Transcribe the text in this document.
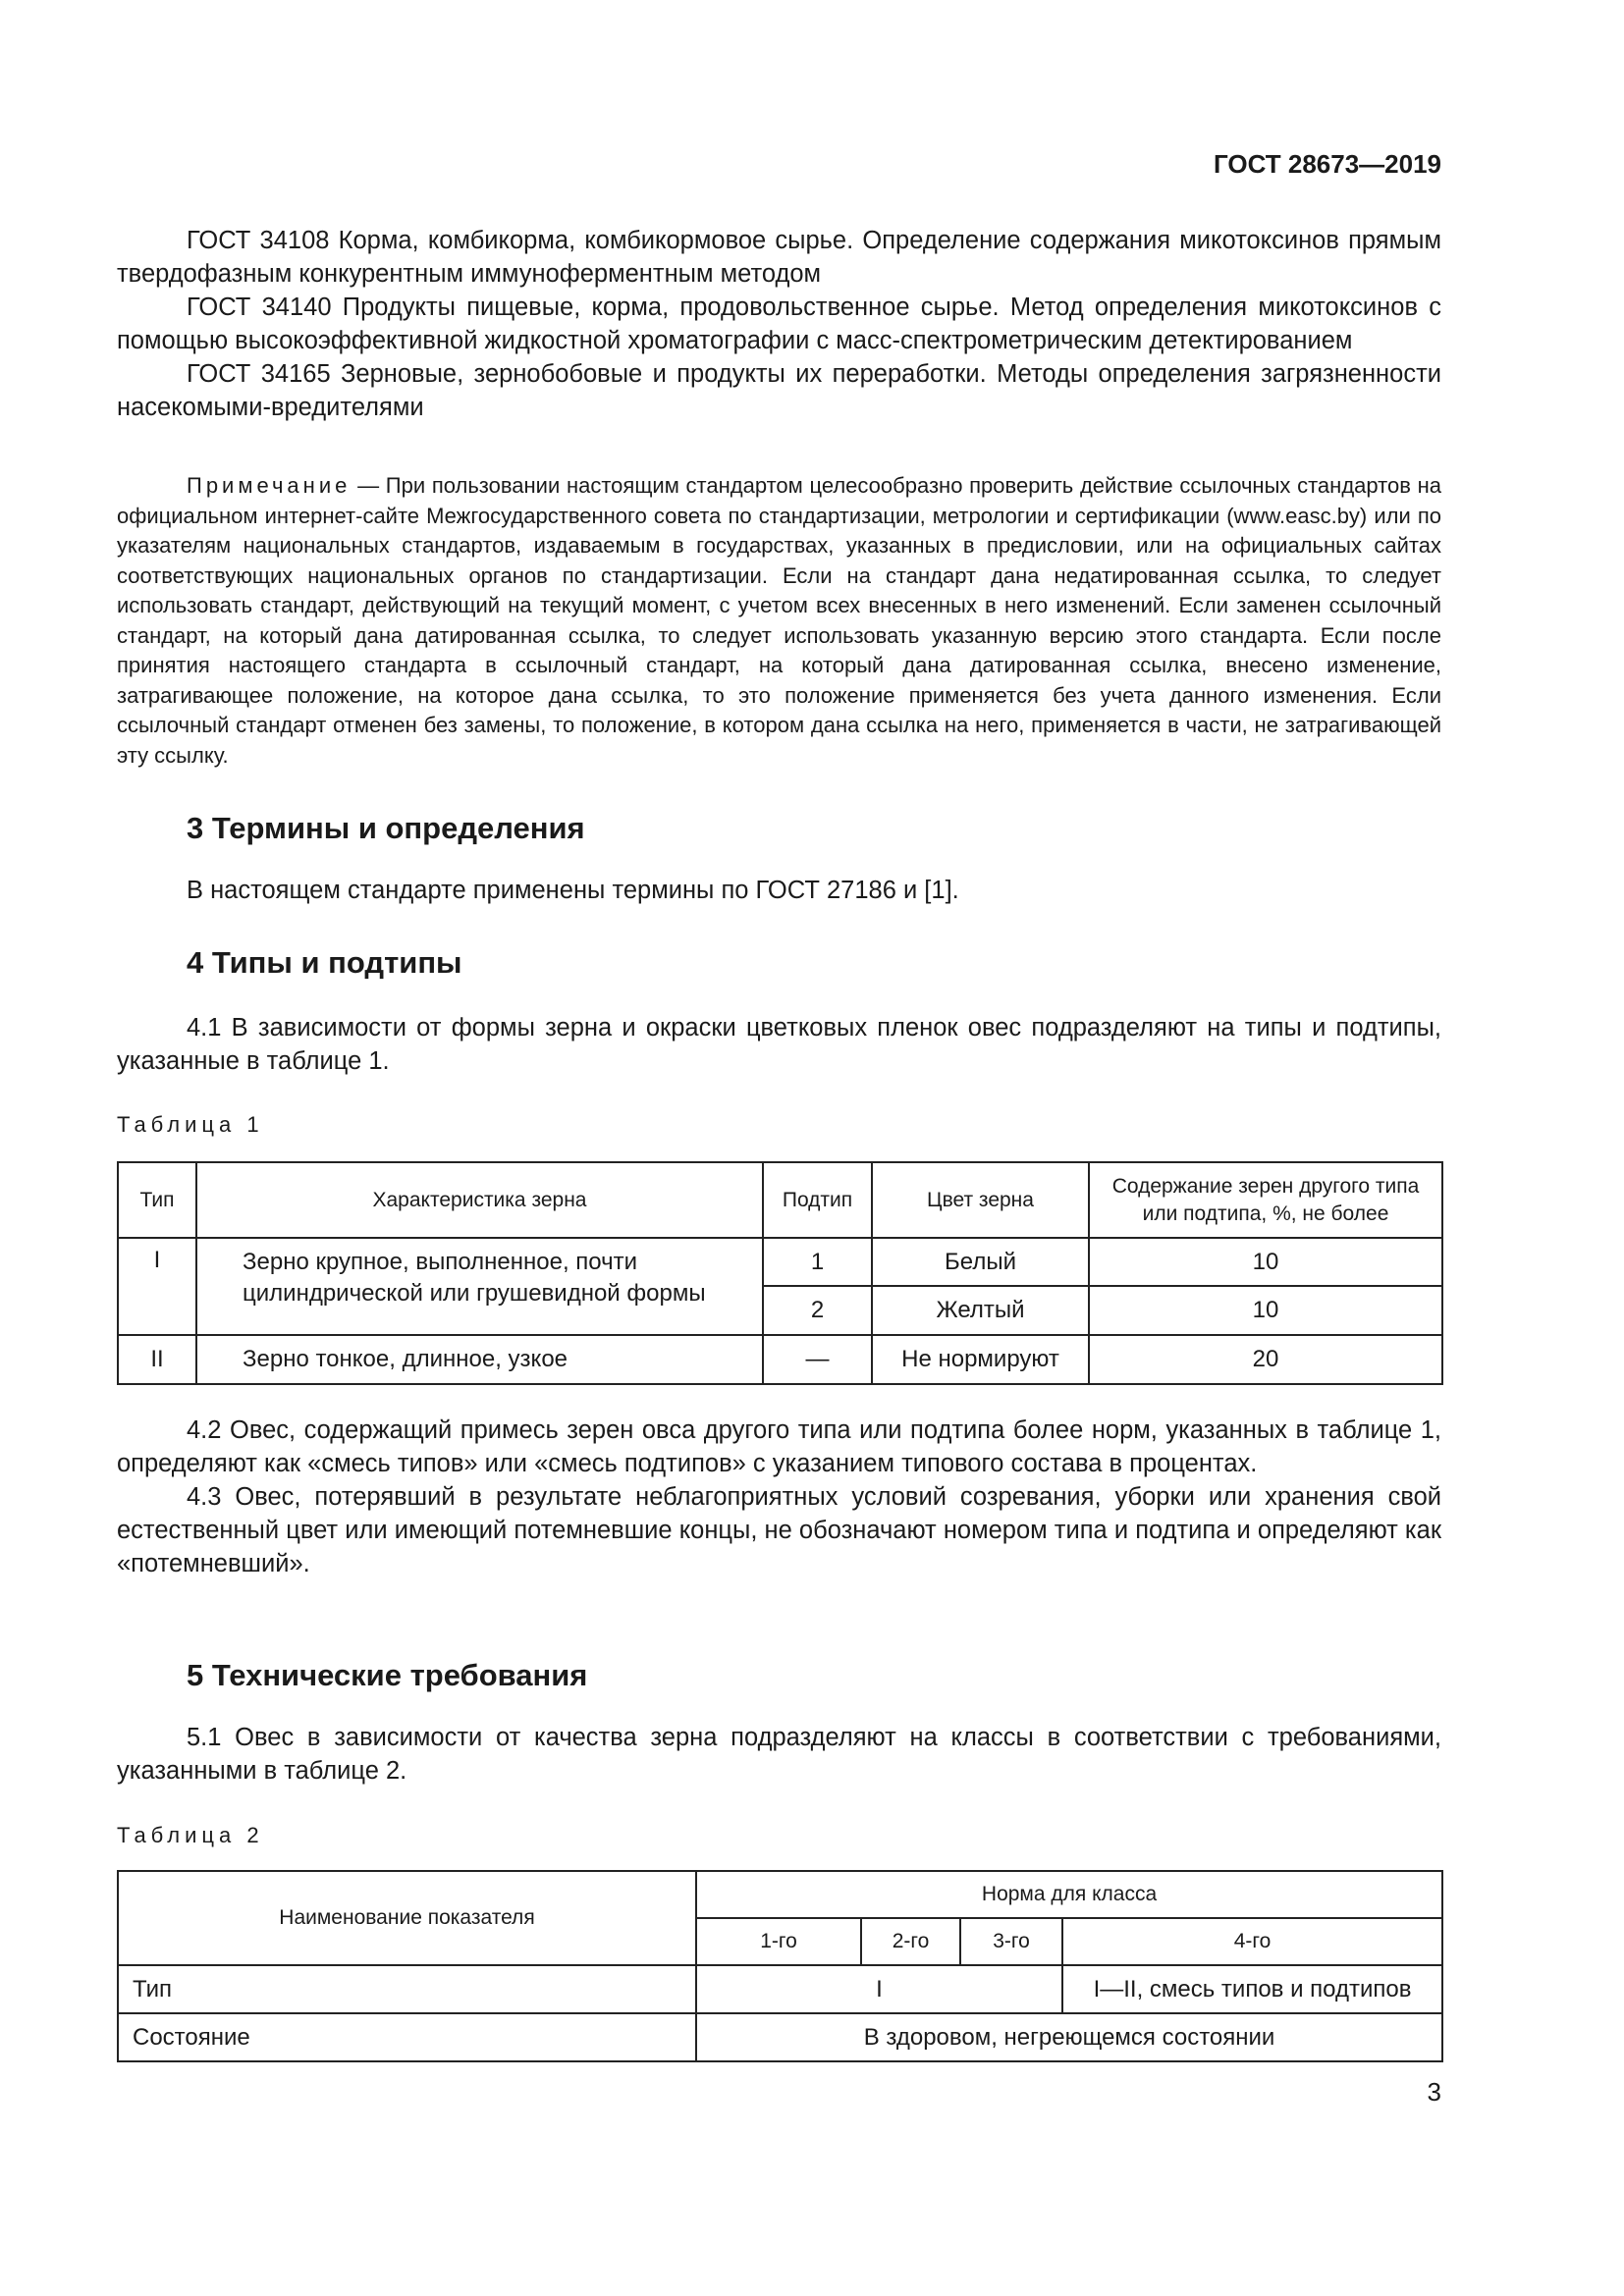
ГОСТ 28673—2019

ГОСТ 34108 Корма, комбикорма, комбикормовое сырье. Определение содержания микотоксинов прямым твердофазным конкурентным иммуноферментным методом

ГОСТ 34140 Продукты пищевые, корма, продовольственное сырье. Метод определения микотоксинов с помощью высокоэффективной жидкостной хроматографии с масс-спектрометрическим детектированием

ГОСТ 34165 Зерновые, зернобобовые и продукты их переработки. Методы определения загрязненности насекомыми-вредителями

Примечание — При пользовании настоящим стандартом целесообразно проверить действие ссылочных стандартов на официальном интернет-сайте Межгосударственного совета по стандартизации, метрологии и сертификации (www.easc.by) или по указателям национальных стандартов, издаваемым в государствах, указанных в предисловии, или на официальных сайтах соответствующих национальных органов по стандартизации. Если на стандарт дана недатированная ссылка, то следует использовать стандарт, действующий на текущий момент, с учетом всех внесенных в него изменений. Если заменен ссылочный стандарт, на который дана датированная ссылка, то следует использовать указанную версию этого стандарта. Если после принятия настоящего стандарта в ссылочный стандарт, на который дана датированная ссылка, внесено изменение, затрагивающее положение, на которое дана ссылка, то это положение применяется без учета данного изменения. Если ссылочный стандарт отменен без замены, то положение, в котором дана ссылка на него, применяется в части, не затрагивающей эту ссылку.

3 Термины и определения

В настоящем стандарте применены термины по ГОСТ 27186 и [1].

4 Типы и подтипы

4.1 В зависимости от формы зерна и окраски цветковых пленок овес подразделяют на типы и подтипы, указанные в таблице 1.

Таблица 1
Тип	Характеристика зерна	Подтип	Цвет зерна	Содержание зерен другого типа или подтипа, %, не более
I	Зерно крупное, выполненное, почти цилиндрической или грушевидной формы	1	Белый	10
		2	Желтый	10
II	Зерно тонкое, длинное, узкое	—	Не нормируют	20

4.2 Овес, содержащий примесь зерен овса другого типа или подтипа более норм, указанных в таблице 1, определяют как «смесь типов» или «смесь подтипов» с указанием типового состава в процентах.

4.3 Овес, потерявший в результате неблагоприятных условий созревания, уборки или хранения свой естественный цвет или имеющий потемневшие концы, не обозначают номером типа и подтипа и определяют как «потемневший».

5 Технические требования

5.1 Овес в зависимости от качества зерна подразделяют на классы в соответствии с требованиями, указанными в таблице 2.

Таблица 2
Наименование показателя	Норма для класса			
	1-го	2-го	3-го	4-го
Тип	I			I—II, смесь типов и подтипов
Состояние	В здоровом, негреющемся состоянии			
3
